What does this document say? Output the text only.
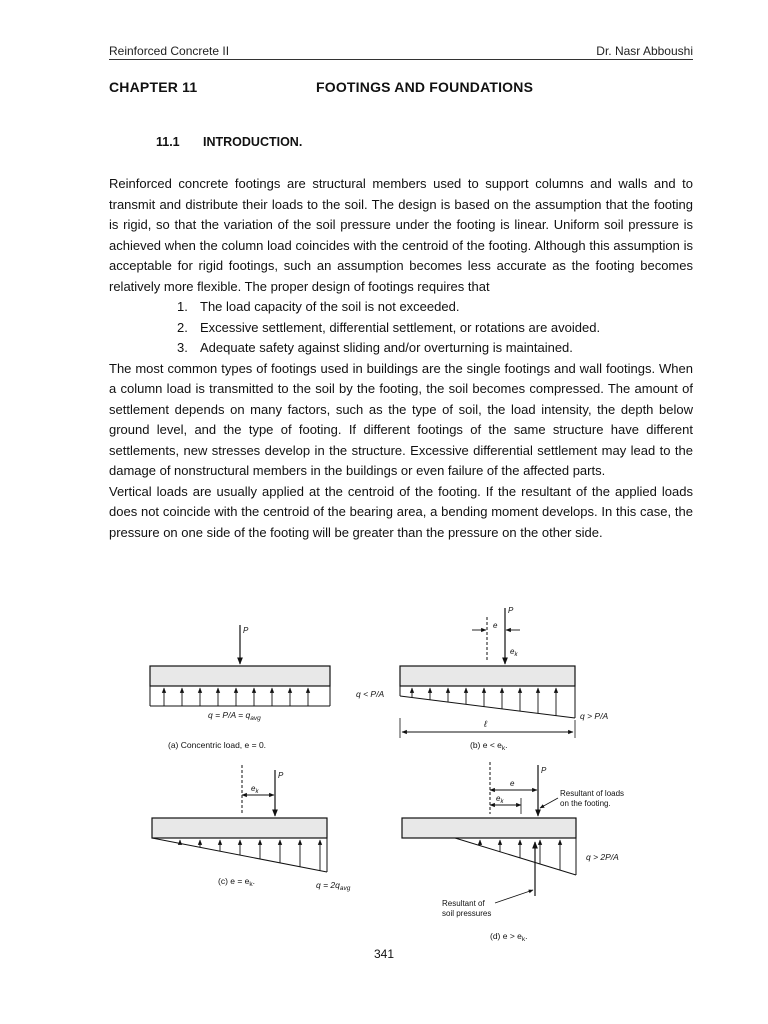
Reinforced Concrete II	Dr. Nasr Abboushi
CHAPTER 11	FOOTINGS AND FOUNDATIONS
11.1 INTRODUCTION.

Reinforced concrete footings are structural members used to support columns and walls and to transmit and distribute their loads to the soil. The design is based on the assumption that the footing is rigid, so that the variation of the soil pressure under the footing is linear. Uniform soil pressure is achieved when the column load coincides with the centroid of the footing. Although this assumption is acceptable for rigid footings, such an assumption becomes less accurate as the footing becomes relatively more flexible. The proper design of footings requires that

1. The load capacity of the soil is not exceeded.
2. Excessive settlement, differential settlement, or rotations are avoided.
3. Adequate safety against sliding and/or overturning is maintained.

The most common types of footings used in buildings are the single footings and wall footings. When a column load is transmitted to the soil by the footing, the soil becomes compressed. The amount of settlement depends on many factors, such as the type of soil, the load intensity, the depth below ground level, and the type of footing. If different footings of the same structure have different settlements, new stresses develop in the structure. Excessive differential settlement may lead to the damage of nonstructural members in the buildings or even failure of the affected parts.

Vertical loads are usually applied at the centroid of the footing. If the resultant of the applied loads does not coincide with the centroid of the bearing area, a bending moment develops. In this case, the pressure on one side of the footing will be greater than the pressure on the other side.

P
$q = P/A = q_{avg}$
(a) Concentric load, e = 0.
P
e
$e_k$
q < P/A
q > P/A
ℓ
(b) $e < e_k$.
P
$e_k$
$q = 2q_{avg}$
(c) $e = e_k$.
P
e
$e_k$
Resultant of loads
on the footing.
q > 2P/A
Resultant of
soil pressures
(d) $e > e_k$.
341
